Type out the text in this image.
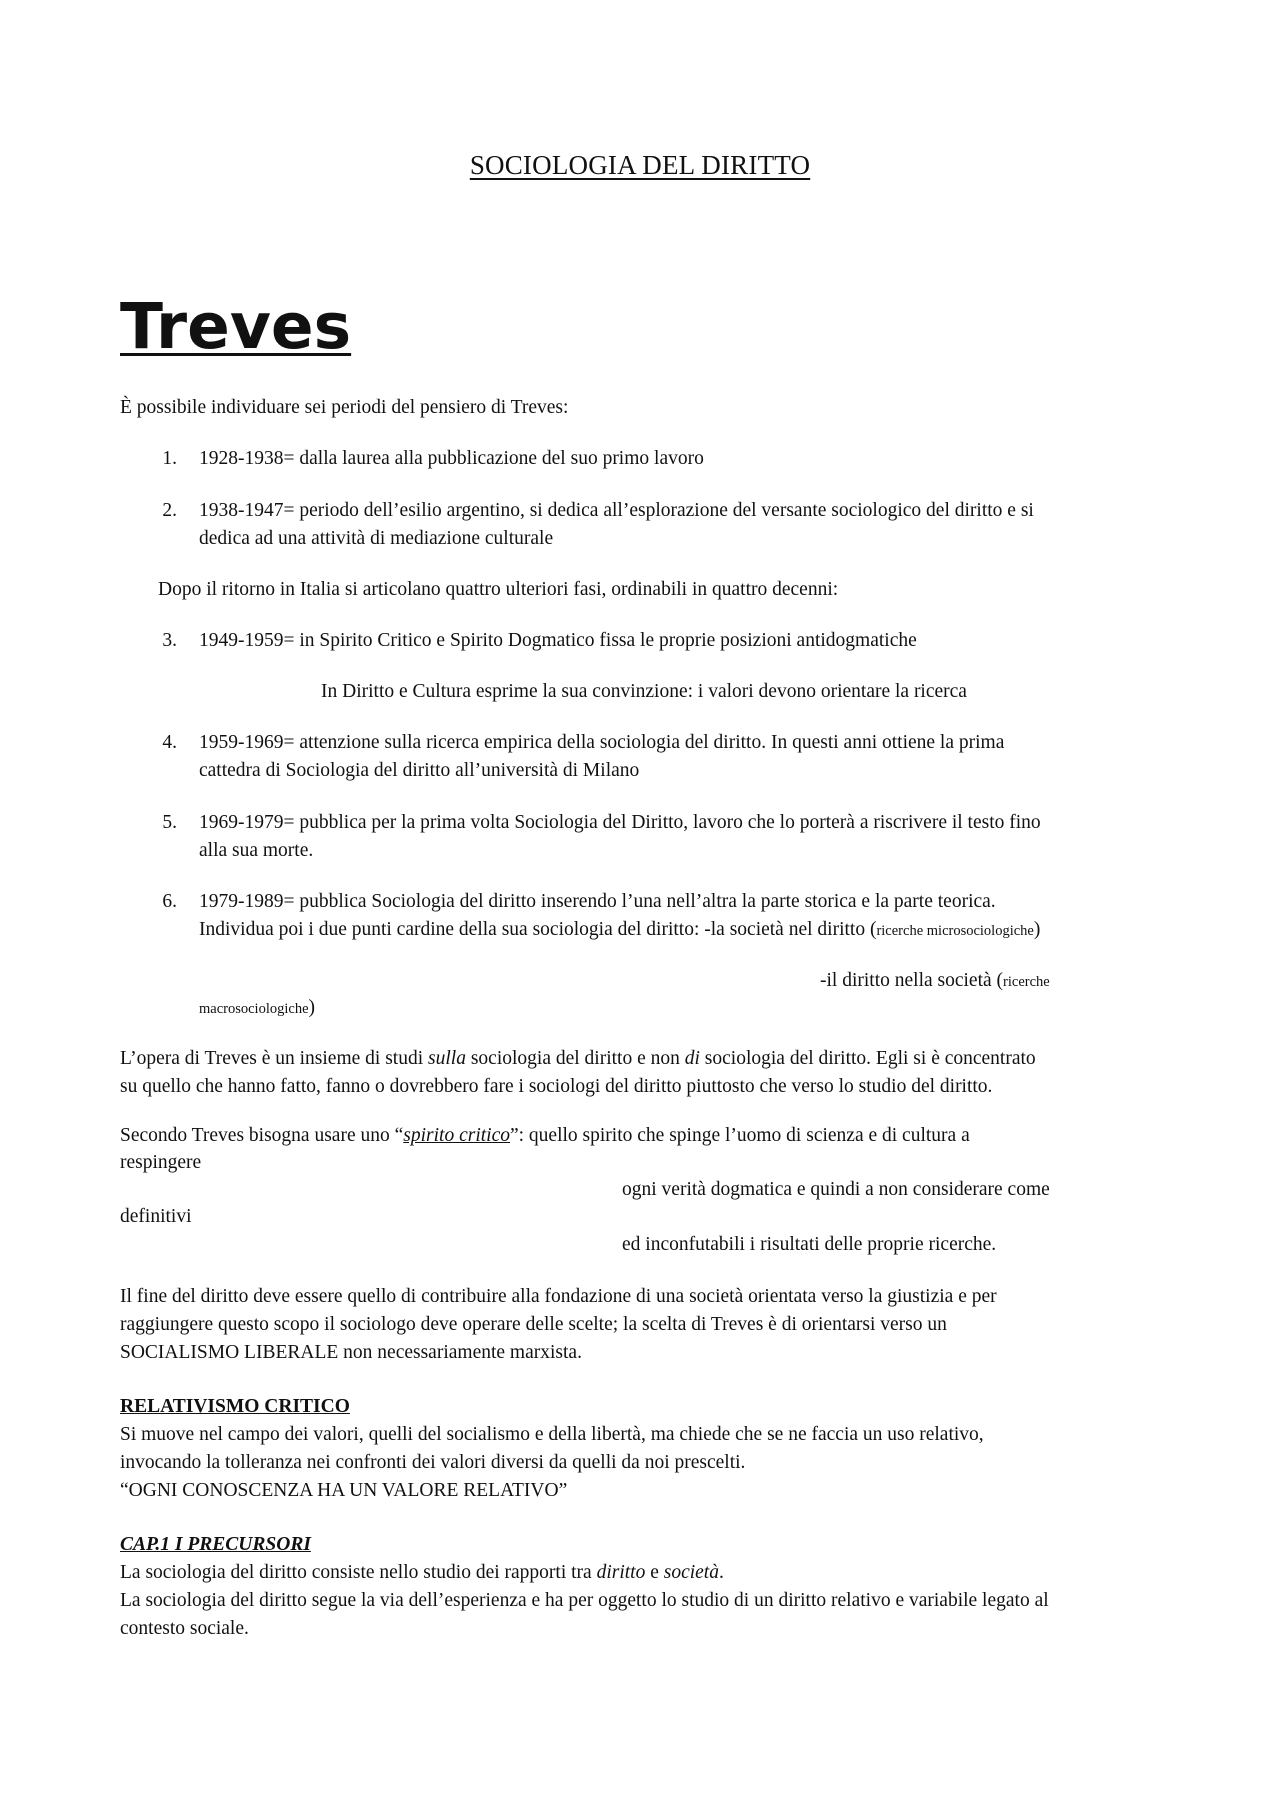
SOCIOLOGIA DEL DIRITTO
Treves
È possibile individuare sei periodi del pensiero di Treves:
1. 1928-1938= dalla laurea alla pubblicazione del suo primo lavoro
2. 1938-1947= periodo dell’esilio argentino, si dedica all’esplorazione del versante sociologico del diritto e si
dedica ad una attività di mediazione culturale
Dopo il ritorno in Italia si articolano quattro ulteriori fasi, ordinabili in quattro decenni:
3. 1949-1959= in Spirito Critico e Spirito Dogmatico fissa le proprie posizioni antidogmatiche
In Diritto e Cultura esprime la sua convinzione: i valori devono orientare la ricerca
4. 1959-1969= attenzione sulla ricerca empirica della sociologia del diritto. In questi anni ottiene la prima
cattedra di Sociologia del diritto all’università di Milano
5. 1969-1979= pubblica per la prima volta Sociologia del Diritto, lavoro che lo porterà a riscrivere il testo fino
alla sua morte.
6. 1979-1989= pubblica Sociologia del diritto inserendo l’una nell’altra la parte storica e la parte teorica.
Individua poi i due punti cardine della sua sociologia del diritto: -la società nel diritto (ricerche microsociologiche)
-il diritto nella società (ricerche
macrosociologiche)
L’opera di Treves è un insieme di studi sulla sociologia del diritto e non di sociologia del diritto. Egli si è concentrato
su quello che hanno fatto, fanno o dovrebbero fare i sociologi del diritto piuttosto che verso lo studio del diritto.
Secondo Treves bisogna usare uno “spirito critico”: quello spirito che spinge l’uomo di scienza e di cultura a
respingere
ogni verità dogmatica e quindi a non considerare come
definitivi
ed inconfutabili i risultati delle proprie ricerche.
Il fine del diritto deve essere quello di contribuire alla fondazione di una società orientata verso la giustizia e per
raggiungere questo scopo il sociologo deve operare delle scelte; la scelta di Treves è di orientarsi verso un
SOCIALISMO LIBERALE non necessariamente marxista.
RELATIVISMO CRITICO
Si muove nel campo dei valori, quelli del socialismo e della libertà, ma chiede che se ne faccia un uso relativo,
invocando la tolleranza nei confronti dei valori diversi da quelli da noi prescelti.
“OGNI CONOSCENZA HA UN VALORE RELATIVO”
CAP.1 I PRECURSORI
La sociologia del diritto consiste nello studio dei rapporti tra diritto e società.
La sociologia del diritto segue la via dell’esperienza e ha per oggetto lo studio di un diritto relativo e variabile legato al
contesto sociale.
